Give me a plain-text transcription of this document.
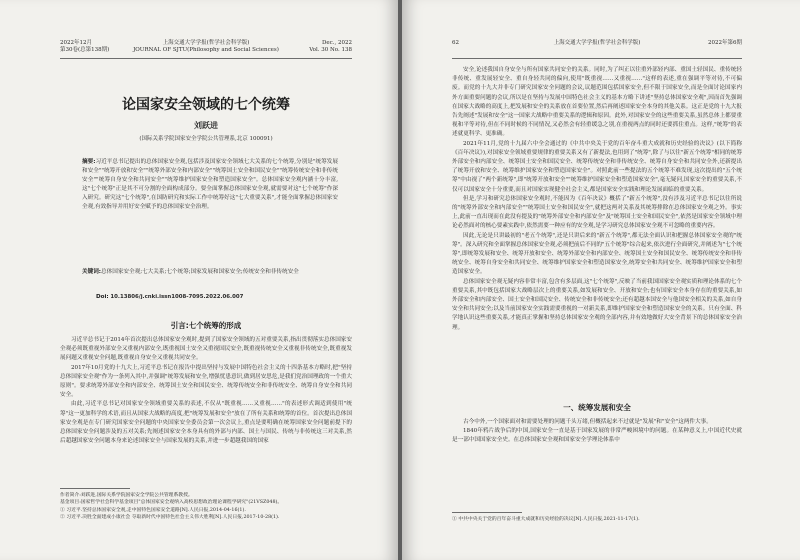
2022年12月
第30卷(总第138期)
上海交通大学学报(哲学社会科学版)
JOURNAL OF SJTU(Philosophy and Social Sciences)
Dec., 2022
Vol. 30 No. 138
论国家安全领域的七个统筹
刘跃进
(国际关系学院国家安全学院公共管理系,北京 100091)
摘要:习近平总书记提出的总体国家安全观,包括涉及国家安全领域七大关系的七个统筹,分别是"统筹发展和安全""统筹开放和安全""统筹外部安全和内部安全""统筹国土安全和国民安全""统筹传统安全和非传统安全""统筹自身安全和共同安全""统筹维护国家安全和塑造国家安全"。总体国家安全观内涵十分丰富,这"七个统筹"正是其不可分割的全面构成部分。要全面掌握总体国家安全观,就需要对这"七个统筹"作深入研究。研究这"七个统筹",在国防研究和实际工作中统筹好这"七大重要关系",才能全面掌握总体国家安全观,有效指导并用好安全赋予的总体国家安全治理。
关键词:总体国家安全观;七大关系;七个统筹;国家发展和国家安全;传统安全和非传统安全
Doi: 10.13806/j.cnki.issn1008-7095.2022.06.007
引言:七个统筹的形成

习近平总书记于2014年首次提出总体国家安全观时,提到了国家安全领域的五对重要关系,指出贯彻落实总体国家安全观必须既重视外部安全又重视内部安全,既重视国土安全又重视国民安全,既重视传统安全又重视非传统安全,既重视发展问题又重视安全问题,既重视自身安全又重视共同安全。

2017年10月党的十九大上,习近平总书记在报告中提出坚持与发展中国特色社会主义的十四条基本方略时,把"坚持总体国家安全观"作为一条列入其中,并强调"统筹发展和安全,增强忧患意识,做到居安思危,是我们党治国理政的一个重大原则"。要求统筹外部安全和内部安全、统筹国土安全和国民安全、统筹传统安全和非传统安全、统筹自身安全和共同安全。

由此,习近平总书记对国家安全领域重要关系的表述,不仅从"既重视……又重视……"的表述形式调适到使用"统筹"这一更加科学的术语,而且从国家大战略的高度,把"统筹发展和安全"放在了所有关系和统筹的首位。首次提出总体国家安全观是在专门研究国家安全问题的中央国家安全委员会第一次会议上,重点是要明确在统筹国家安全问题前提下的总体国家安全问题涉及的五对关系;先阐述国家安全本身具有的外部与内部、国土与国民、传统与非传统这三对关系,然后超越国家安全问题本身来论述国家安全与国家发展的关系,并进一步超越我国的国家

作者简介:刘跃进,国际关系学院国家安全学院公共管理系教授。
基金项目:国家哲学社会科学基金项目"总体国家安全观纳入高校思想政治理论课程学研究"(21VSZ048)。
① 习近平.坚持总体国家安全观,走中国特色国家安全道路[N].人民日报,2014-04-16(1).
② 习近平.决胜全面建成小康社会 夺取新时代中国特色社会主义伟大胜利[N].人民日报,2017-10-28(1).
62	上海交通大学学报(哲学社会科学版)	2022年第6期

安全,论述我国自身安全与所有国家共同安全的关系。同时,为了纠正以往重外部轻内部、重国土轻国民、重传统轻非传统、重发展轻安全、重自身轻共同的偏向,使用"既重视……又重视……"这样的表述,重在强调平等对待,不可偏废。而党的十九大并非专门研究国家安全问题的会议,议题范围包括国家安全,但不限于国家安全,而是全面讨论国家内外方面重要问题的会议,所以是在坚持与发展中国特色社会主义的基本方略下讲述"坚持总体国家安全观",因而首先强调在国家大战略的高度上,把发展和安全的关系放在首要位置,然后再阐述国家安全本身的其他关系。这正是党的十九大报告先阐述"发展和安全"这一国家大战略中重要关系的逻辑和原因。此外,对国家安全的这些重要关系,虽然总体上都要重视和平等对待,但在不同时候的不同情况,又必然会有轻重缓急之别,在重视两点的同时还要抓住重点。这样,"统筹"的表述就更科学、更准确。

2021年11月,党的十九届六中全会通过的《中共中央关于党的百年奋斗重大成就和历史经验的决议》(以下简称《百年决议》),对国家安全领域重要规律的重要关系又有了新提法,也用到了"统筹",除了与以往"新五个统筹"相同的统筹外部安全和内部安全、统筹国土安全和国民安全、统筹传统安全和非传统安全、统筹自身安全和共同安全外,还新提出了统筹开放和安全、统筹维护国家安全和塑造国家安全"。对照此前一些提法的五个统筹不难发现,这次提出的"五个统筹"中由视了"两个新统筹",即"统筹开放和安全""统筹维护国家安全和塑造国家安全",毫无疑问,国家安全的重要关系,不仅可以国家安全十分重要,而且对国家实现健全社会主义,都是国家安全实践和理论发展面临的重要关系。

但是,学习和研究总体国家安全观时,不能因为《百年决议》概括了"新五个统筹",没有涉及习近平总书记以往所说的"统筹外部安全和内部安全""统筹国土安全和国民安全",就把这两对关系及其统筹排除在总体国家安全观之外。事实上,此前一直出现而在此没有提及的"统筹外部安全和内部安全"及"统筹国土安全和国民安全",依然是国家安全领域中理论必然面对的核心要素实践中,依然需要一种应有的安全观,是学习研究总体国家安全观不可忽略的重要内容。

因此,无论是只讲最初的"老五个统筹",还是只讲后来的"新五个统筹",都无法全面认识和把握总体国家安全观的"统筹"。深入研究和全面掌握总体国家安全观,必须把前后不同的"五个统筹"综合起来,依次进行全面研究,并阐述为"七个统筹",即统筹发展和安全、统筹开放和安全、统筹外部安全和内部安全、统筹国土安全和国民安全、统筹传统安全和非传统安全、统筹自身安全和共同安全、统筹维护国家安全和塑造国家安全,统筹安全和共同安全、统筹维护国家安全和塑造国家安全。

总体国家安全观无疑内容非常丰富,包含有多层面,这"七个统筹",反映了当前我国国家安全观实质和理论体系的七个重要关系,其中既包括国家大战略层次上的重要关系,如发展和安全、开放和安全;也有国家安全本身存在的重要关系,如外部安全和内部安全、国土安全和国民安全、传统安全和非传统安全;还有超越本国安全与他国安全相关的关系,如自身安全和共同安全;以及当前国家安全实践需要重视的一对新关系,即维护国家安全和塑造国家安全的关系。只有全面、科学地认识这些重要关系,才能真正掌握和坚持总体国家安全观的全部内容,并有效地做好大安全背景下的总体国家安全治理。

一、统筹发展和安全

古今中外,一个国家面对和需要处理的问题千头万绪,但概括起来不过就是"发展"和"安全"这两件大事。

1840年鸦片战争后的中国,国家安全一直是基于国家发展的非常严峻困境中的问题。在某种意义上,中国近代史就是一部中国国家安全史。在总体国家安全观和国家安全学理论体系中

① 中共中央关于党的百年奋斗重大成就和历史经验的决议[N].人民日报,2021-11-17(1).
